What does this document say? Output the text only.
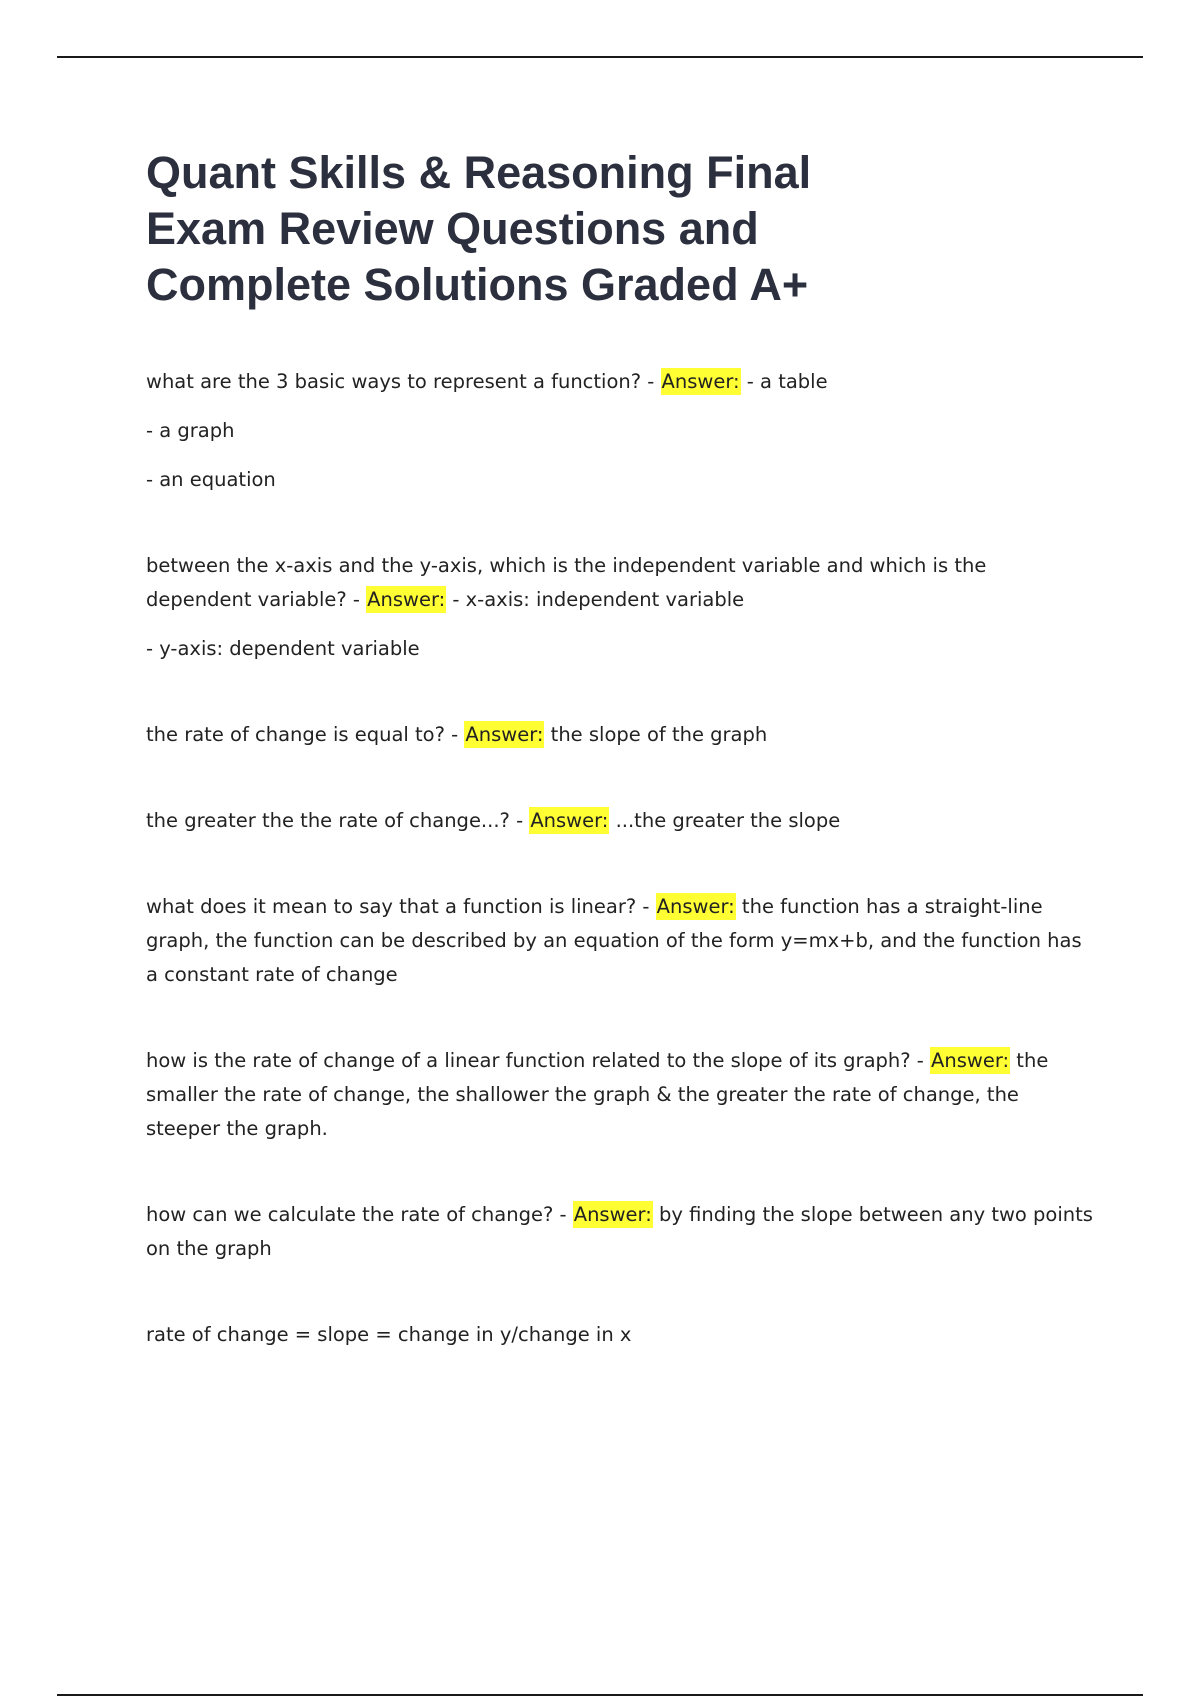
Quant Skills & Reasoning Final Exam Review Questions and Complete Solutions Graded A+

what are the 3 basic ways to represent a function? - Answer: - a table

- a graph

- an equation

between the x-axis and the y-axis, which is the independent variable and which is the dependent variable? - Answer: - x-axis: independent variable

- y-axis: dependent variable

the rate of change is equal to? - Answer: the slope of the graph

the greater the the rate of change...? - Answer: ...the greater the slope

what does it mean to say that a function is linear? - Answer: the function has a straight-line graph, the function can be described by an equation of the form y=mx+b, and the function has a constant rate of change

how is the rate of change of a linear function related to the slope of its graph? - Answer: the smaller the rate of change, the shallower the graph & the greater the rate of change, the steeper the graph.

how can we calculate the rate of change? - Answer: by finding the slope between any two points on the graph

rate of change = slope = change in y/change in x
